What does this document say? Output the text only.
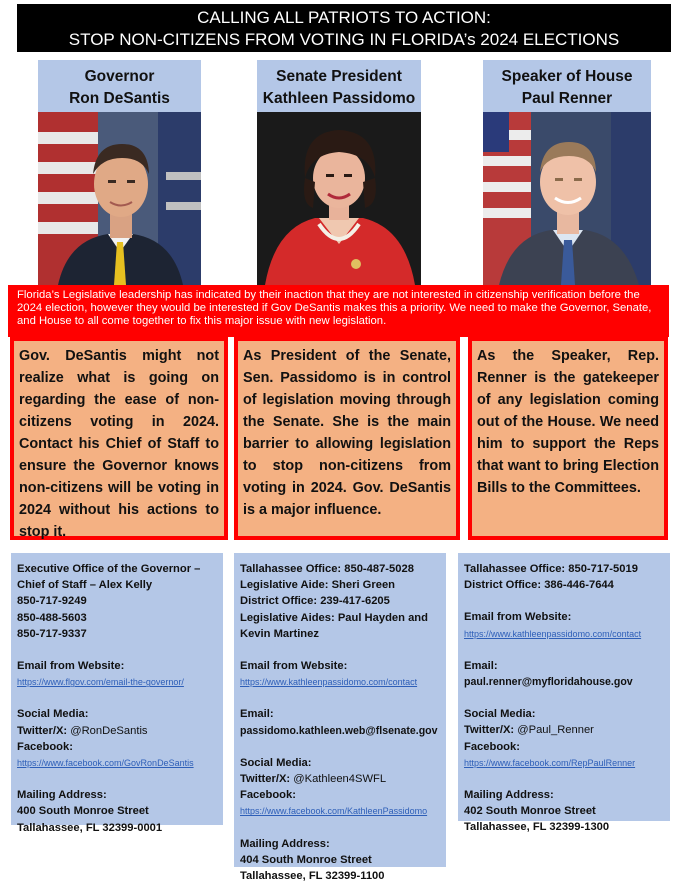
CALLING ALL PATRIOTS TO ACTION:
STOP NON-CITIZENS FROM VOTING IN FLORIDA’s 2024 ELECTIONS
Governor
Ron DeSantis
Senate President
Kathleen Passidomo
Speaker of House
Paul Renner
Florida’s Legislative leadership has indicated by their inaction that they are not interested in citizenship verification before the 2024 election, however they would be interested if Gov DeSantis makes this a priority. We need to make the Governor, Senate, and House to all come together to fix this major issue with new legislation.
Gov. DeSantis might not realize what is going on regarding the ease of non-citizens voting in 2024. Contact his Chief of Staff to ensure the Governor knows non-citizens will be voting in 2024 without his actions to stop it.
As President of the Senate, Sen. Passidomo is in control of legislation moving through the Senate. She is the main barrier to allowing legislation to stop non-citizens from voting in 2024. Gov. DeSantis is a major influence.
As the Speaker, Rep. Renner is the gatekeeper of any legislation coming out of the House. We need him to support the Reps that want to bring Election Bills to the Committees.
Executive Office of the Governor –
Chief of Staff – Alex Kelly
850-717-9249
850-488-5603
850-717-9337
Email from Website:
https://www.flgov.com/email-the-governor/
Social Media:
Twitter/X: @RonDeSantis
Facebook:
https://www.facebook.com/GovRonDeSantis
Mailing Address:
400 South Monroe Street
Tallahassee, FL 32399-0001
Tallahassee Office: 850-487-5028
Legislative Aide: Sheri Green
District Office: 239-417-6205
Legislative Aides: Paul Hayden and
Kevin Martinez
Email from Website:
https://www.kathleenpassidomo.com/contact
Email:
passidomo.kathleen.web@flsenate.gov
Social Media:
Twitter/X: @Kathleen4SWFL
Facebook:
https://www.facebook.com/KathleenPassidomo
Mailing Address:
404 South Monroe Street
Tallahassee, FL 32399-1100
Tallahassee Office: 850-717-5019
District Office: 386-446-7644
Email from Website:
https://www.kathleenpassidomo.com/contact
Email:
paul.renner@myfloridahouse.gov
Social Media:
Twitter/X: @Paul_Renner
Facebook:
https://www.facebook.com/RepPaulRenner
Mailing Address:
402 South Monroe Street
Tallahassee, FL 32399-1300
